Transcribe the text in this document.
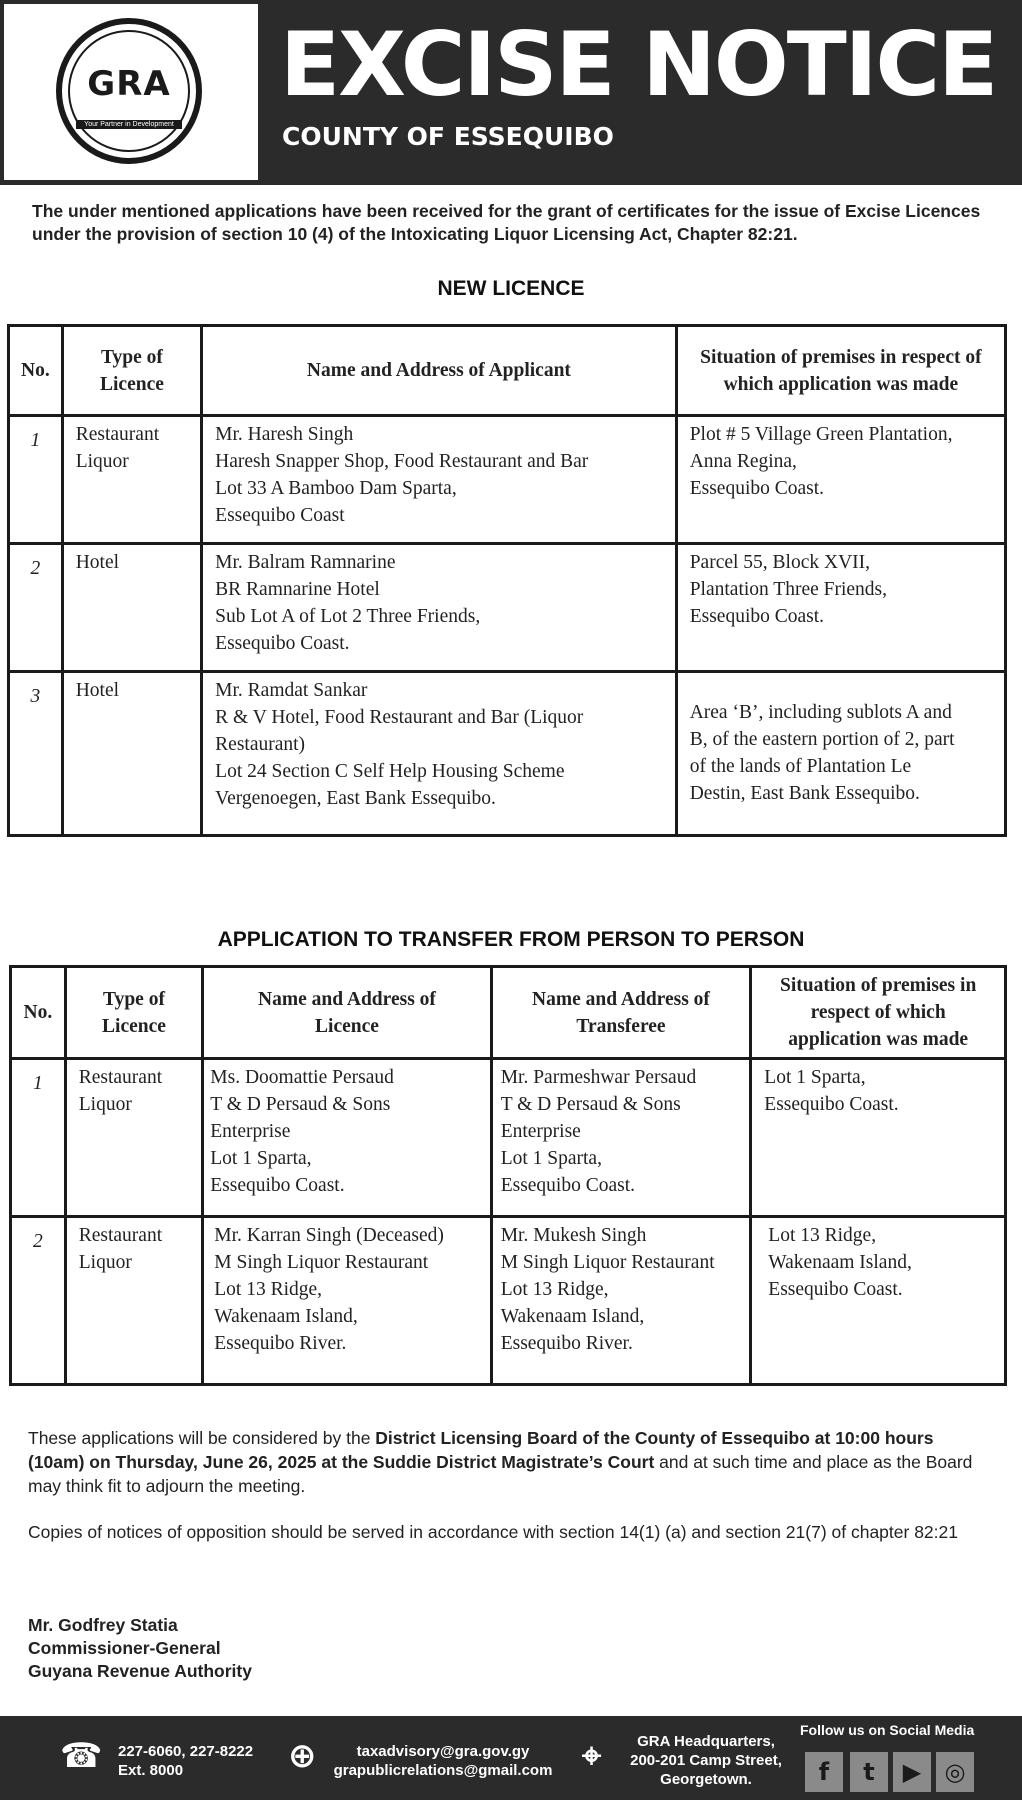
GRA
Your Partner in Development
EXCISE NOTICE
COUNTY OF ESSEQUIBO
The under mentioned applications have been received for the grant of certificates for the issue of Excise Licences under the provision of section 10 (4) of the Intoxicating Liquor Licensing Act, Chapter 82:21.
NEW LICENCE
No.	Type of Licence	Name and Address of Applicant	Situation of premises in respect of which application was made
1	Restaurant
Liquor	Mr. Haresh Singh
Haresh Snapper Shop, Food Restaurant and Bar
Lot 33 A Bamboo Dam Sparta,
Essequibo Coast	Plot # 5 Village Green Plantation,
Anna Regina,
Essequibo Coast.

2	Hotel	Mr. Balram Ramnarine
BR Ramnarine Hotel
Sub Lot A of Lot 2 Three Friends,
Essequibo Coast.	Parcel 55, Block XVII,
Plantation Three Friends,
Essequibo Coast.

3	Hotel	Mr. Ramdat Sankar
R & V Hotel, Food Restaurant and Bar (Liquor
Restaurant)
Lot 24 Section C Self Help Housing Scheme
Vergenoegen, East Bank Essequibo.	Area ‘B’, including sublots A and
B, of the eastern portion of 2, part
of the lands of Plantation Le
Destin, East Bank Essequibo.
APPLICATION TO TRANSFER FROM PERSON TO PERSON
No.	Type of Licence	Name and Address of Licence	Name and Address of Transferee	Situation of premises in respect of which application was made
1	Restaurant
Liquor	Ms. Doomattie Persaud
T & D Persaud & Sons
Enterprise
Lot 1 Sparta,
Essequibo Coast.	Mr. Parmeshwar Persaud
T & D Persaud & Sons
Enterprise
Lot 1 Sparta,
Essequibo Coast.	Lot 1 Sparta,
Essequibo Coast.

2	Restaurant
Liquor	Mr. Karran Singh (Deceased)
M Singh Liquor Restaurant
Lot 13 Ridge,
Wakenaam Island,
Essequibo River.	Mr. Mukesh Singh
M Singh Liquor Restaurant
Lot 13 Ridge,
Wakenaam Island,
Essequibo River.	Lot 13 Ridge,
Wakenaam Island,
Essequibo Coast.
These applications will be considered by the District Licensing Board of the County of Essequibo at 10:00 hours (10am) on Thursday, June 26, 2025 at the Suddie District Magistrate’s Court and at such time and place as the Board may think fit to adjourn the meeting.
Copies of notices of opposition should be served in accordance with section 14(1) (a) and section 21(7) of chapter 82:21
Mr. Godfrey Statia
Commissioner-General
Guyana Revenue Authority
☎ 227-6060, 227-8222
Ext. 8000	⊕	taxadvisory@gra.gov.gy
grapublicrelations@gmail.com ⌖	GRA Headquarters,
200-201 Camp Street,
Georgetown.
Follow us on Social Media
f	t	▶ ◎
